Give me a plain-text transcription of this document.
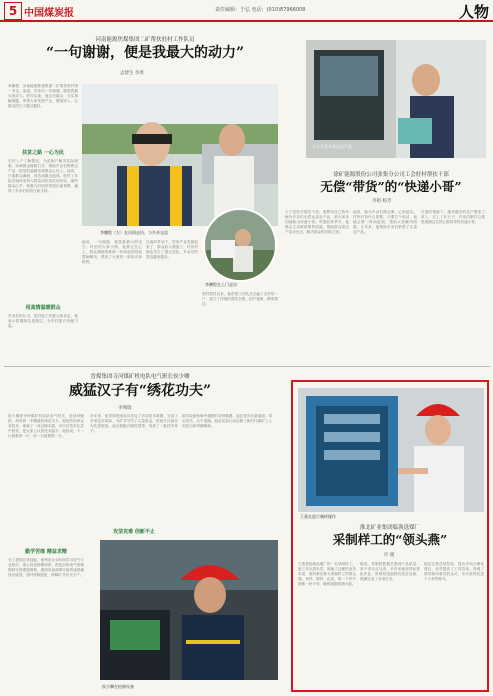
5 中国煤炭报	责任编辑：于弘 电话：(010)87966008	人物
河南能源焦煤集团二矿帮扶驻村工作队员
“一句谢谢，便是我最大的动力”
孟建生 李勇
李鹏程，河南能源焦煤集团二矿帮扶驻村第一书记。他说，乡亲们一句谢谢，就是我最大的动力。驻村以来，他走访群众，办实事解难题，带领大家发展产业，增加收入，让群众的日子越过越好。
扶贫之路 一心为民
走村入户了解情况，为贫困户解决实际困难，协调资金修路打井，帮助乡亲们销售农产品，把党的温暖送到群众心坎上。他说，只要群众满意，再苦再累也值得。驻村工作队员始终坚持与群众同吃同住同劳动，倾听群众心声，积极为村里的发展出谋划策，赢得了乡亲们的信任和支持。
用真情温暖群众
乡亲们的认可，是对他工作最大的肯定，他表示将继续扎根基层，为乡村振兴贡献力量。
李鹏程（左）在田间走访，与乡亲交谈
李鹏程在上门走访
他说，一句谢谢，便是我最大的动力。村里的大事小情，他都记在心上，群众遇到困难第一时间赶到现场帮助解决，得到了大家的一致好评和称赞。
在他的带动下，村里产业发展起来了，群众收入增加了，村容村貌也发生了很大变化，乡亲们的笑容越来越多。
驻村帮扶以来，他带领工作队员走遍了全村每一户，建立了详细的帮扶台账，因户施策，精准帮扶。
王宁为老乡装运农产品
徐矿能源股份公司张集分公司工会驻村帮扶干部
无偿“带货”的“快递小哥”
李娟 杨芳
王宁是驻村帮扶干部，他利用自己的车辆为乡亲们无偿运送农产品，被大家亲切地称为快递小哥。每逢收获季节，他都会主动联系销售渠道，帮助群众把农产品卖出去，解决群众的后顾之忧。
他说，能为乡亲们做点事，心里踏实。村民们有什么需要，只要打个电话，他就会第一时间赶到，帮助大家解决困难。几年来，他帮助乡亲们销售了大量农产品。
在他的帮助下，越来越多的农户增加了收入，过上了好日子，乡亲们都打心眼里感谢这位热心肠的带货快递小哥。
晋煤集团寺河煤矿机电队电气班长侯少卿
威猛汉子有“绣花功夫”
李翔瑞
侯少卿是寺河煤矿机电队电气班长，他身材魁梧，却有着一手精湛的绣花功夫。他刻苦钻研业务技术，练就了一身过硬本领，多次在技术比武中获奖，是大家公认的技术能手。他常说，干一行就要爱一行，钻一行就要精一行。
勤学苦练 精益求精
为了提高业务技能，他利用业余时间学习电气专业知识，虚心向老师傅请教，把复杂的电气原理图研究得透透彻彻，遇到设备故障总能快速准确找出原因，及时排除隐患，保障矿井安全生产。
多年来，他带领班组成员攻克了多项技术难题，完成了多项技术革新，为矿井节约了大量资金，班组多次被评为先进班组。他还积极开展传帮带，培养了一批技术骨干。
攻坚克难 创新不止
面对设备检修中遇到的各种难题，他总是冲在最前面，带头攻关，从不退缩。他用实际行动诠释了新时代煤矿工人的担当和奉献精神。
侯少卿在检修设备
王燕在进行制样操作
淮北矿业集团临涣选煤厂
采制样工的“领头燕”
许 媛
王燕是临涣选煤厂的一名采制样工，她工作认真负责，练就了过硬的业务本领，被同事们称为采制样工的领头燕。采样、制样、化验，每一个环节她都一丝不苟，确保数据准确可靠。
她说，采制样数据关系到产品质量，来不得半点马虎。多年来她坚持标准化作业，带领班组姐妹们攻坚克难，圆满完成了各项任务。
她还注重总结经验，提出多项合理化建议，有效提高了工作效率，得到了领导和同事们的认可，多次获得先进个人荣誉称号。
